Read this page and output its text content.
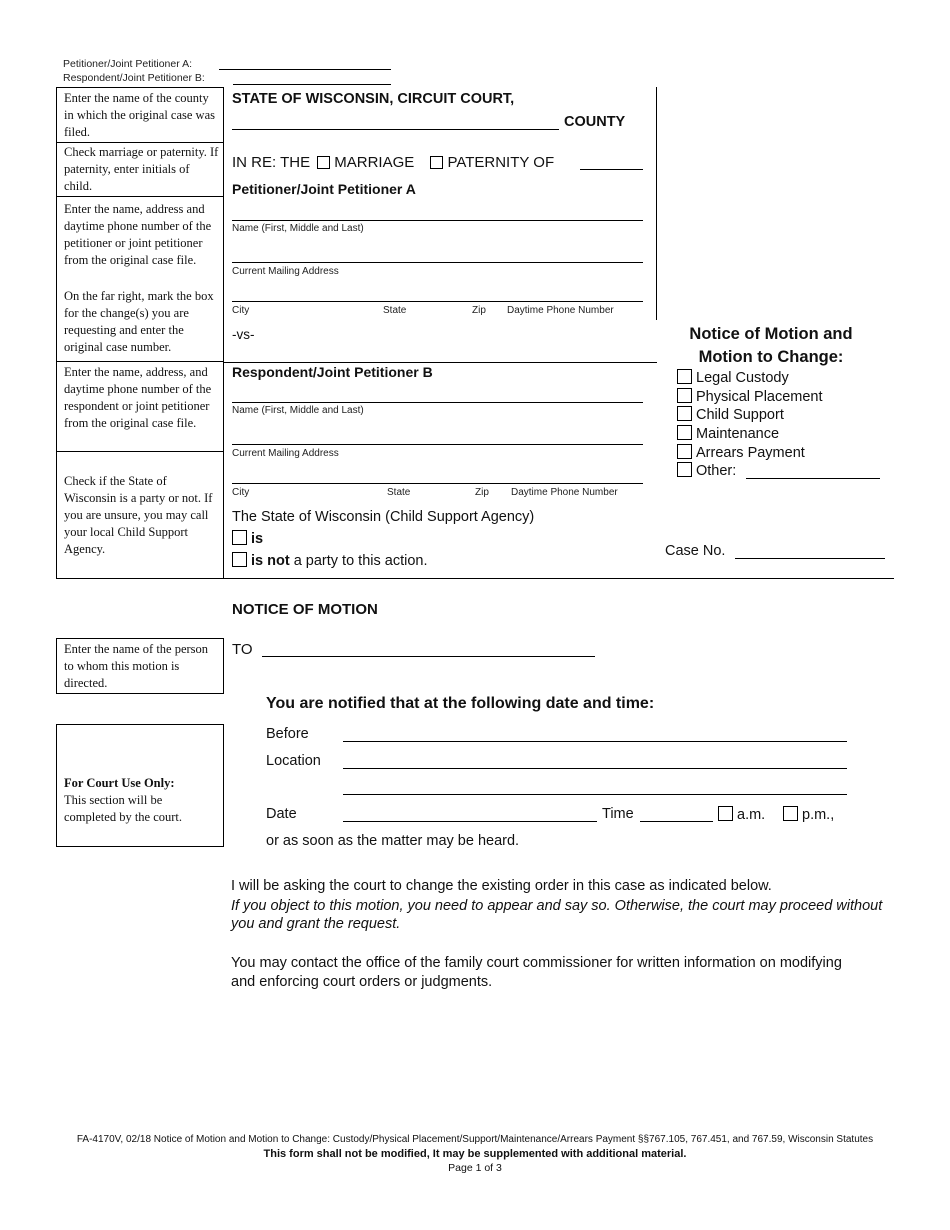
Petitioner/Joint Petitioner A:
Respondent/Joint Petitioner B:
Enter the name of the county in which the original case was filed.
Check marriage or paternity. If paternity, enter initials of child.
Enter the name, address and daytime phone number of the petitioner or joint petitioner from the original case file.
On the far right, mark the box for the change(s) you are requesting and enter the original case number.
Enter the name, address, and daytime phone number of the respondent or joint petitioner from the original case file.
Check if the State of Wisconsin is a party or not. If you are unsure, you may call your local Child Support Agency.
STATE OF WISCONSIN, CIRCUIT COURT,
COUNTY
IN RE: THE MARRIAGE PATERNITY OF
Petitioner/Joint Petitioner A
Name (First, Middle and Last)
Current Mailing Address
City	State	Zip Daytime Phone Number
-vs-
Respondent/Joint Petitioner B
Name (First, Middle and Last)
Current Mailing Address
City	State	Zip Daytime Phone Number
The State of Wisconsin (Child Support Agency)
is
is not a party to this action.
Notice of Motion and
Motion to Change:
Legal Custody
Physical Placement
Child Support
Maintenance
Arrears Payment
Other:
Case No.
NOTICE OF MOTION
Enter the name of the person to whom this motion is directed.
TO
You are notified that at the following date and time:
For Court Use Only:
This section will be completed by the court.
Before
Location
Date	Time	a.m.	p.m.,
or as soon as the matter may be heard.
I will be asking the court to change the existing order in this case as indicated below.
If you object to this motion, you need to appear and say so. Otherwise, the court may proceed without you and grant the request.
You may contact the office of the family court commissioner for written information on modifying and enforcing court orders or judgments.
FA-4170V, 02/18 Notice of Motion and Motion to Change: Custody/Physical Placement/Support/Maintenance/Arrears Payment §§767.105, 767.451, and 767.59, Wisconsin Statutes
This form shall not be modified, It may be supplemented with additional material.
Page 1 of 3
